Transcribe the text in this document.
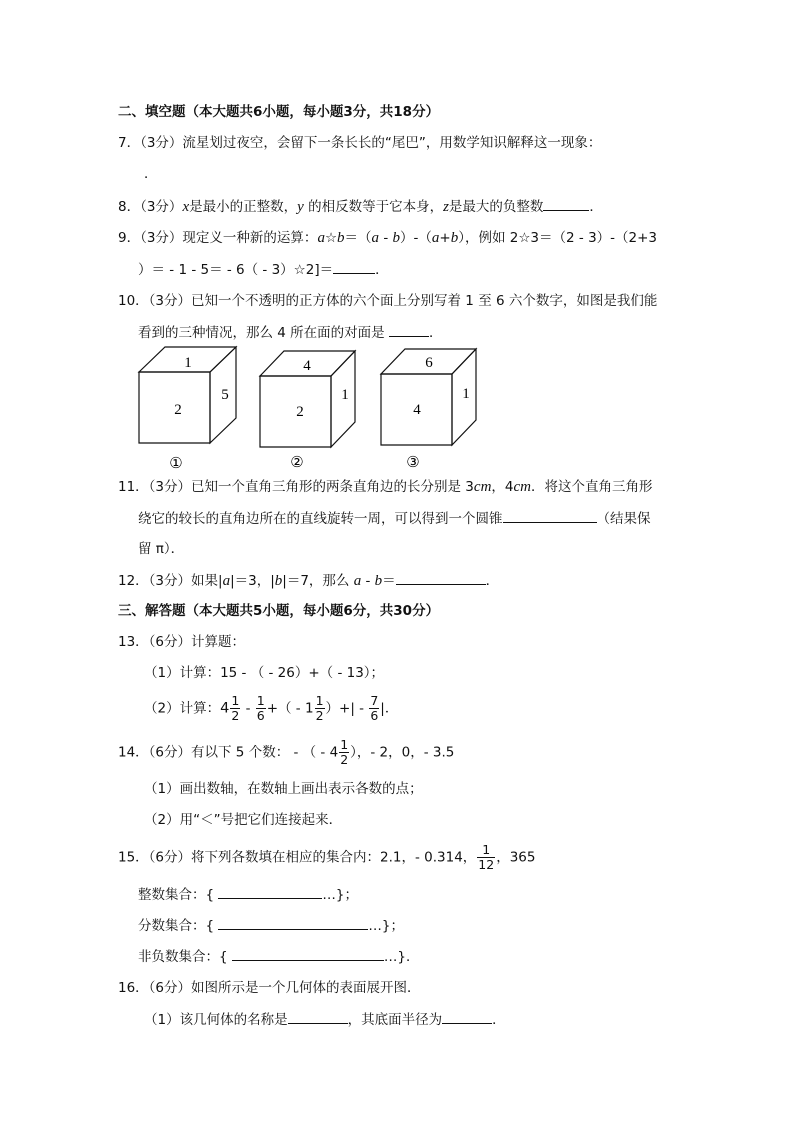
二、填空题（本大题共6小题，每小题3分，共18分）
7．（3分）流星划过夜空，会留下一条长长的“尾巴”，用数学知识解释这一现象：
．
8．（3分）x是最小的正整数，y 的相反数等于它本身，z是最大的负整数	．
9．（3分）现定义一种新的运算：a☆b＝（a - b）-（a+b），例如 2☆3＝（2 - 3）-（2+3
）＝ - 1 - 5＝ - 6（ - 3）☆2]＝	．
10．（3分）已知一个不透明的正方体的六个面上分别写着 1 至 6 六个数字，如图是我们能
看到的三种情况，那么 4 所在面的对面是	．
1
2
5
4
2
1
6
4
1
①	②	③
11．（3分）已知一个直角三角形的两条直角边的长分别是 3cm，4cm．将这个直角三角形
绕它的较长的直角边所在的直线旋转一周，可以得到一个圆锥	（结果保
留 π）．
12．（3分）如果|a|＝3，|b|＝7，那么 a - b＝	．
三、解答题（本大题共5小题，每小题6分，共30分）
13．（6分）计算题：
（1）计算：15 - （ - 26）+（ - 13）；
（2）计算：$4 \frac{1}{2} - \frac{1}{6}$ +（ - $1 \frac{1}{2}$ ）+| - $\frac{7}{6}$ |．
14．（6分）有以下 5 个数： - （ - $4 \frac{1}{2}$ ），- 2，0，- 3.5
（1）画出数轴，在数轴上画出表示各数的点；
（2）用“＜”号把它们连接起来．
15．（6分）将下列各数填在相应的集合内：2.1，- 0.314， $\frac{1}{12}$ ，365
整数集合：{	…}；
分数集合：{	…}；
非负数集合：{	…}．
16．（6分）如图所示是一个几何体的表面展开图．
（1）该几何体的名称是	，其底面半径为	．
